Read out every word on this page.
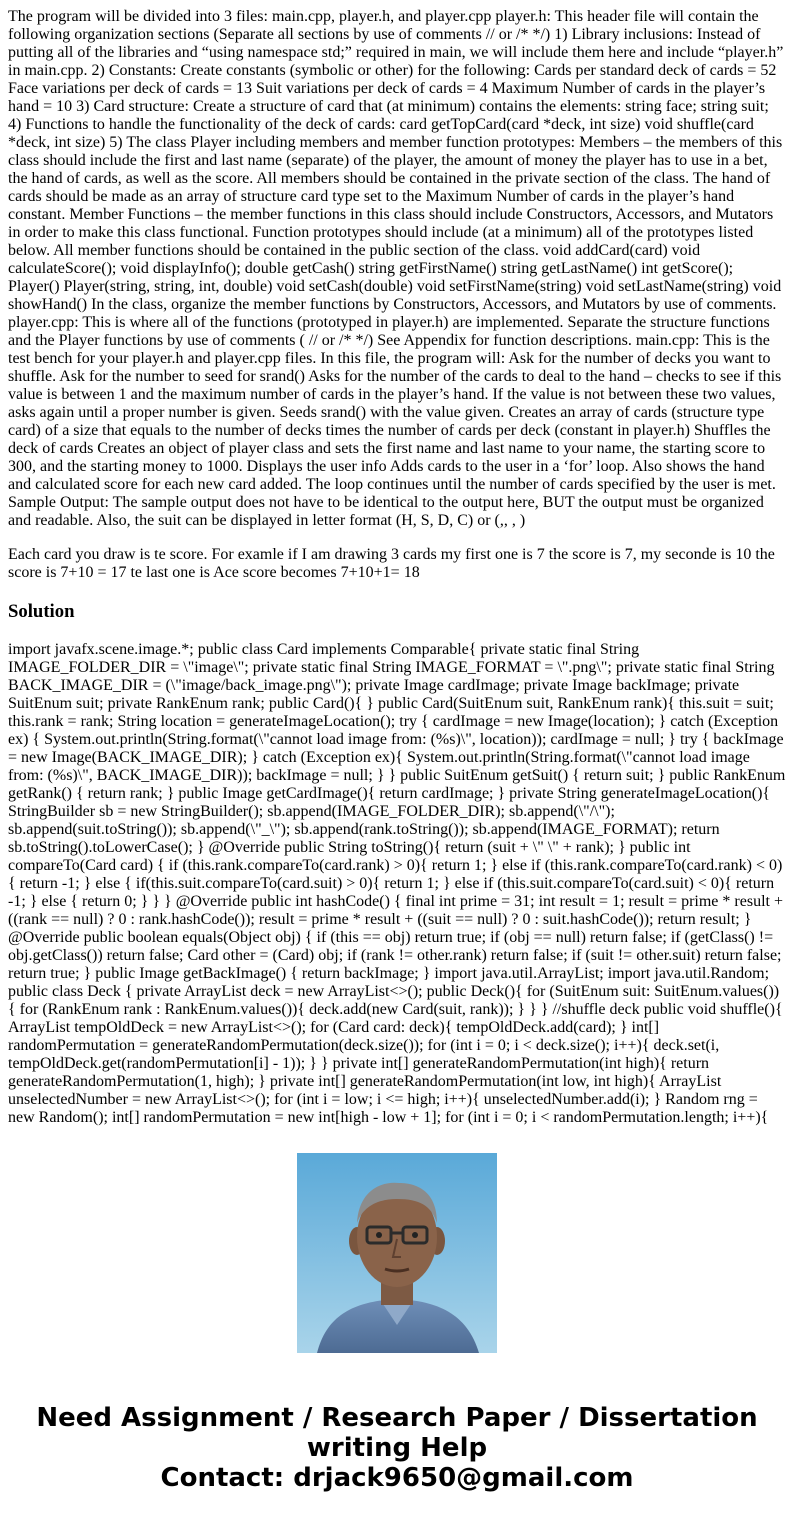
The program will be divided into 3 files: main.cpp, player.h, and player.cpp player.h: This header file will contain the following organization sections (Separate all sections by use of comments // or /* */) 1) Library inclusions: Instead of putting all of the libraries and “using namespace std;” required in main, we will include them here and include “player.h” in main.cpp. 2) Constants: Create constants (symbolic or other) for the following: Cards per standard deck of cards = 52 Face variations per deck of cards = 13 Suit variations per deck of cards = 4 Maximum Number of cards in the player’s hand = 10 3) Card structure: Create a structure of card that (at minimum) contains the elements: string face; string suit; 4) Functions to handle the functionality of the deck of cards: card getTopCard(card *deck, int size) void shuffle(card *deck, int size) 5) The class Player including members and member function prototypes: Members – the members of this class should include the first and last name (separate) of the player, the amount of money the player has to use in a bet, the hand of cards, as well as the score. All members should be contained in the private section of the class. The hand of cards should be made as an array of structure card type set to the Maximum Number of cards in the player’s hand constant. Member Functions – the member functions in this class should include Constructors, Accessors, and Mutators in order to make this class functional. Function prototypes should include (at a minimum) all of the prototypes listed below. All member functions should be contained in the public section of the class. void addCard(card) void calculateScore(); void displayInfo(); double getCash() string getFirstName() string getLastName() int getScore(); Player() Player(string, string, int, double) void setCash(double) void setFirstName(string) void setLastName(string) void showHand() In the class, organize the member functions by Constructors, Accessors, and Mutators by use of comments. player.cpp: This is where all of the functions (prototyped in player.h) are implemented. Separate the structure functions and the Player functions by use of comments ( // or /* */) See Appendix for function descriptions. main.cpp: This is the test bench for your player.h and player.cpp files. In this file, the program will: Ask for the number of decks you want to shuffle. Ask for the number to seed for srand() Asks for the number of the cards to deal to the hand – checks to see if this value is between 1 and the maximum number of cards in the player’s hand. If the value is not between these two values, asks again until a proper number is given. Seeds srand() with the value given. Creates an array of cards (structure type card) of a size that equals to the number of decks times the number of cards per deck (constant in player.h) Shuffles the deck of cards Creates an object of player class and sets the first name and last name to your name, the starting score to 300, and the starting money to 1000. Displays the user info Adds cards to the user in a ‘for’ loop. Also shows the hand and calculated score for each new card added. The loop continues until the number of cards specified by the user is met. Sample Output: The sample output does not have to be identical to the output here, BUT the output must be organized and readable. Also, the suit can be displayed in letter format (H, S, D, C) or (,, , )

Each card you draw is te score. For examle if I am drawing 3 cards my first one is 7 the score is 7, my seconde is 10 the score is 7+10 = 17 te last one is Ace score becomes 7+10+1= 18

Solution

import javafx.scene.image.*; public class Card implements Comparable{ private static final String IMAGE_FOLDER_DIR = \"image\"; private static final String IMAGE_FORMAT = \".png\"; private static final String BACK_IMAGE_DIR = (\"image/back_image.png\"); private Image cardImage; private Image backImage; private SuitEnum suit; private RankEnum rank; public Card(){ } public Card(SuitEnum suit, RankEnum rank){ this.suit = suit; this.rank = rank; String location = generateImageLocation(); try { cardImage = new Image(location); } catch (Exception ex) { System.out.println(String.format(\"cannot load image from: (%s)\", location)); cardImage = null; } try { backImage = new Image(BACK_IMAGE_DIR); } catch (Exception ex){ System.out.println(String.format(\"cannot load image from: (%s)\", BACK_IMAGE_DIR)); backImage = null; } } public SuitEnum getSuit() { return suit; } public RankEnum getRank() { return rank; } public Image getCardImage(){ return cardImage; } private String generateImageLocation(){ StringBuilder sb = new StringBuilder(); sb.append(IMAGE_FOLDER_DIR); sb.append(\"/\"); sb.append(suit.toString()); sb.append(\"_\"); sb.append(rank.toString()); sb.append(IMAGE_FORMAT); return sb.toString().toLowerCase(); } @Override public String toString(){ return (suit + \" \" + rank); } public int compareTo(Card card) { if (this.rank.compareTo(card.rank) > 0){ return 1; } else if (this.rank.compareTo(card.rank) < 0){ return -1; } else { if(this.suit.compareTo(card.suit) > 0){ return 1; } else if (this.suit.compareTo(card.suit) < 0){ return -1; } else { return 0; } } } @Override public int hashCode() { final int prime = 31; int result = 1; result = prime * result + ((rank == null) ? 0 : rank.hashCode()); result = prime * result + ((suit == null) ? 0 : suit.hashCode()); return result; } @Override public boolean equals(Object obj) { if (this == obj) return true; if (obj == null) return false; if (getClass() != obj.getClass()) return false; Card other = (Card) obj; if (rank != other.rank) return false; if (suit != other.suit) return false; return true; } public Image getBackImage() { return backImage; } import java.util.ArrayList; import java.util.Random; public class Deck { private ArrayList deck = new ArrayList<>(); public Deck(){ for (SuitEnum suit: SuitEnum.values()){ for (RankEnum rank : RankEnum.values()){ deck.add(new Card(suit, rank)); } } } //shuffle deck public void shuffle(){ ArrayList tempOldDeck = new ArrayList<>(); for (Card card: deck){ tempOldDeck.add(card); } int[] randomPermutation = generateRandomPermutation(deck.size()); for (int i = 0; i < deck.size(); i++){ deck.set(i, tempOldDeck.get(randomPermutation[i] - 1)); } } private int[] generateRandomPermutation(int high){ return generateRandomPermutation(1, high); } private int[] generateRandomPermutation(int low, int high){ ArrayList unselectedNumber = new ArrayList<>(); for (int i = low; i <= high; i++){ unselectedNumber.add(i); } Random rng = new Random(); int[] randomPermutation = new int[high - low + 1]; for (int i = 0; i < randomPermutation.length; i++){

Need Assignment / Research Paper / Dissertation
writing Help
Contact: drjack9650@gmail.com
